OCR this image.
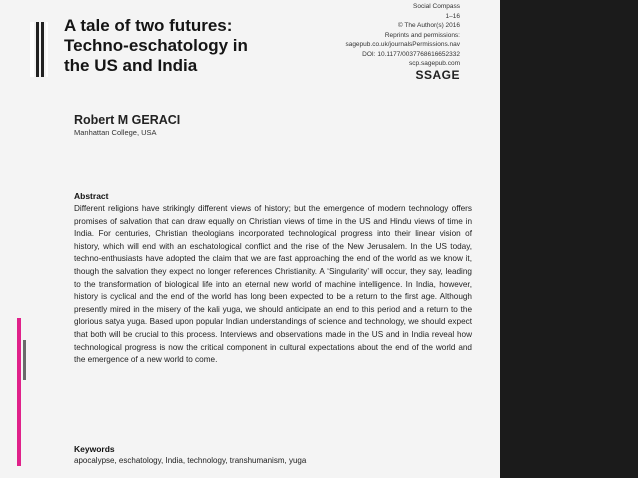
A tale of two futures:
Techno-eschatology in
the US and India
Social Compass
1–16
© The Author(s) 2016
Reprints and permissions:
sagepub.co.uk/journalsPermissions.nav
DOI: 10.1177/0037768616652332
scp.sagepub.com
SSAGE
Robert M GERACI
Manhattan College, USA
Abstract
Different religions have strikingly different views of history; but the emergence of modern technology offers promises of salvation that can draw equally on Christian views of time in the US and Hindu views of time in India. For centuries, Christian theologians incorporated technological progress into their linear vision of history, which will end with an eschatological conflict and the rise of the New Jerusalem. In the US today, techno-enthusiasts have adopted the claim that we are fast approaching the end of the world as we know it, though the salvation they expect no longer references Christianity. A ‘Singularity’ will occur, they say, leading to the transformation of biological life into an eternal new world of machine intelligence. In India, however, history is cyclical and the end of the world has long been expected to be a return to the first age. Although presently mired in the misery of the kali yuga, we should anticipate an end to this period and a return to the glorious satya yuga. Based upon popular Indian understandings of science and technology, we should expect that both will be crucial to this process. Interviews and observations made in the US and in India reveal how technological progress is now the critical component in cultural expectations about the end of the world and the emergence of a new world to come.
Keywords
apocalypse, eschatology, India, technology, transhumanism, yuga
